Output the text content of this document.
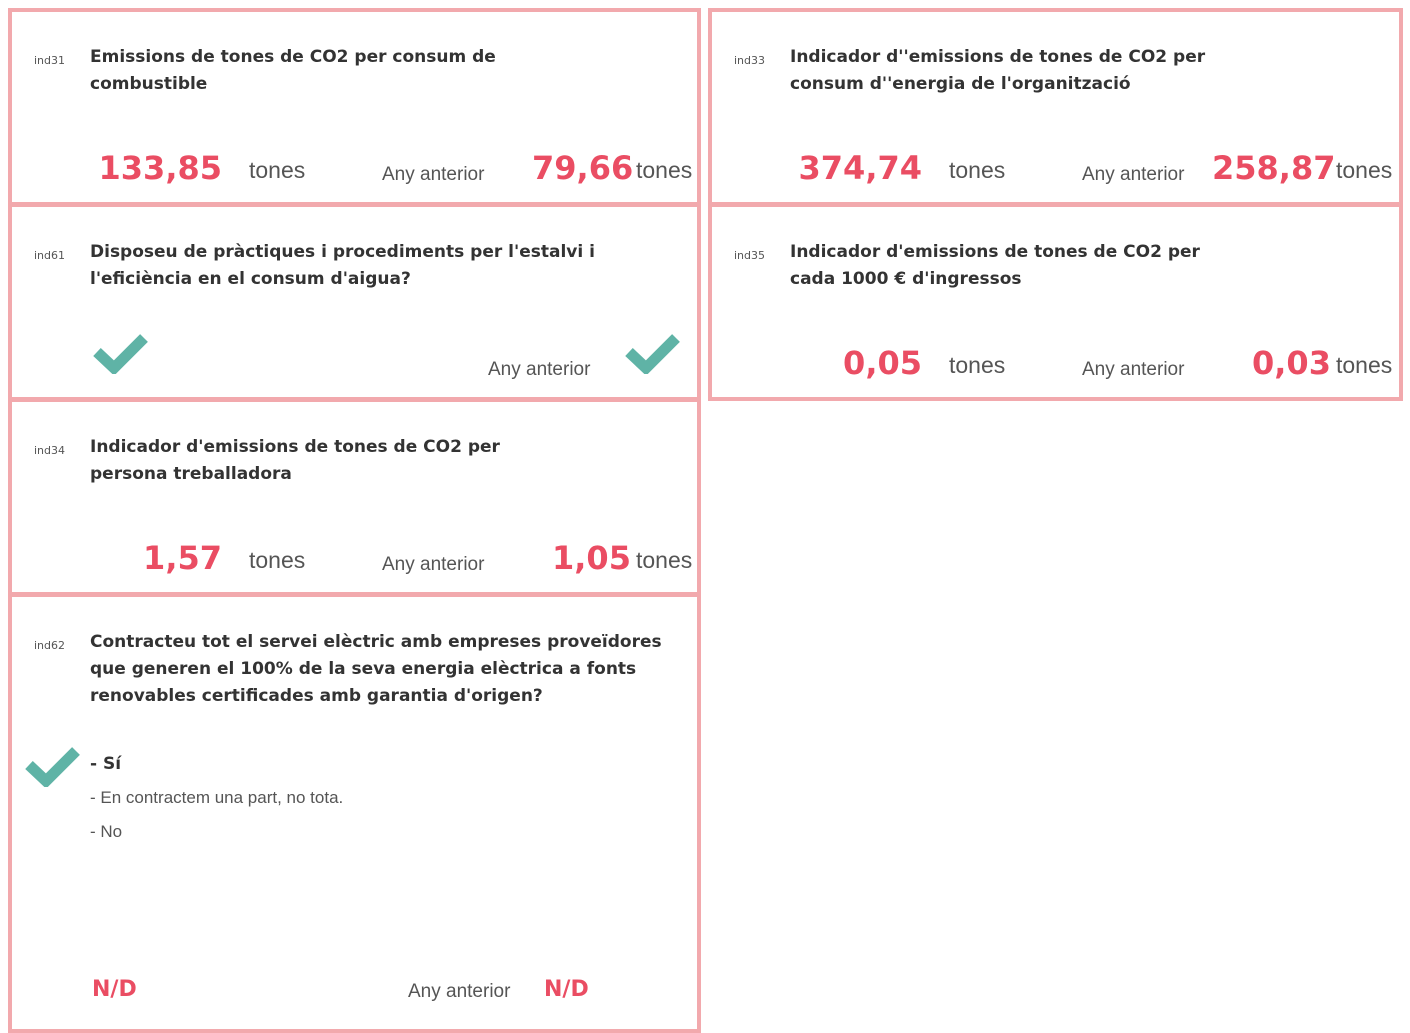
ind31 Emissions de tones de CO2 per consum de combustible
133,85 tones	Any anterior 79,66 tones
ind33 Indicador d''emissions de tones de CO2 per consum d''energia de l'organització
374,74 tones	Any anterior 258,87 tones
ind61 Disposeu de pràctiques i procediments per l'estalvi i l'eficiència en el consum d'aigua?
Any anterior
ind35 Indicador d'emissions de tones de CO2 per cada 1000 € d'ingressos
0,05 tones	Any anterior 0,03 tones
ind34 Indicador d'emissions de tones de CO2 per persona treballadora
1,57 tones	Any anterior 1,05 tones
ind62 Contracteu tot el servei elèctric amb empreses proveïdores que generen el 100% de la seva energia elèctrica a fonts renovables certificades amb garantia d'origen?
- Sí
- En contractem una part, no tota.
- No
N/D	Any anterior N/D
